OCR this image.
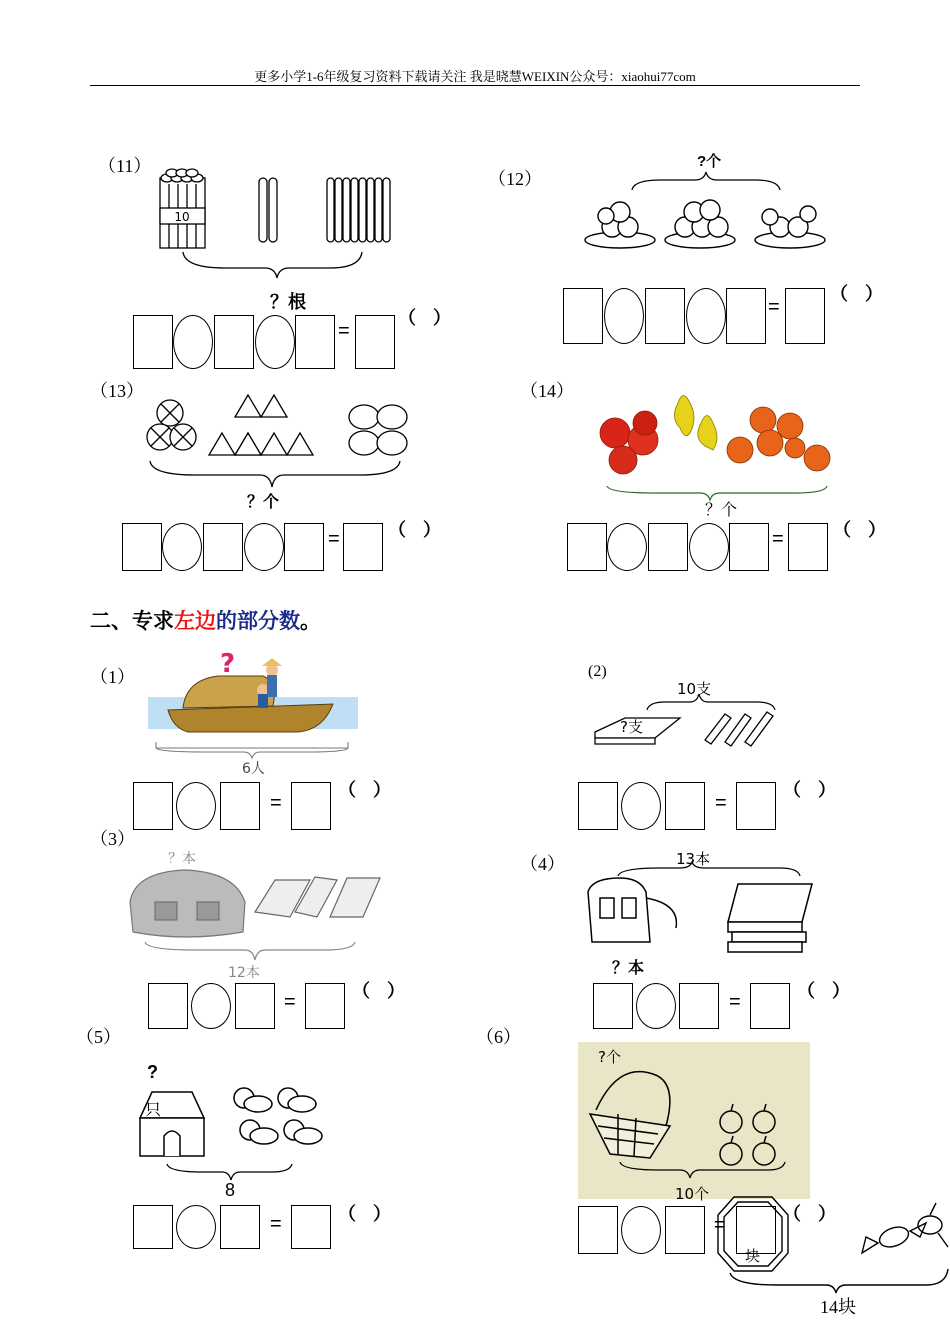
更多小学1-6年级复习资料下载请关注 我是晓慧WEIXIN公众号：xiaohui77com
（11）
10
？根
=
（ ）
（12）
?个
=
（ ）
（13）
？个
=	（ ）
（14）
？个
=	（ ）
二、专求左边的部分数。
（1）	?
6人
=
（ ）
(2)
10支
?支
=
（ ）
（3）
？本
12本
=	（ ）
（4）	13本
？本
=	（ ）
（5）
?
只
8
=	（ ）
（6）
?个
10个
=	（ ）
块
14块
